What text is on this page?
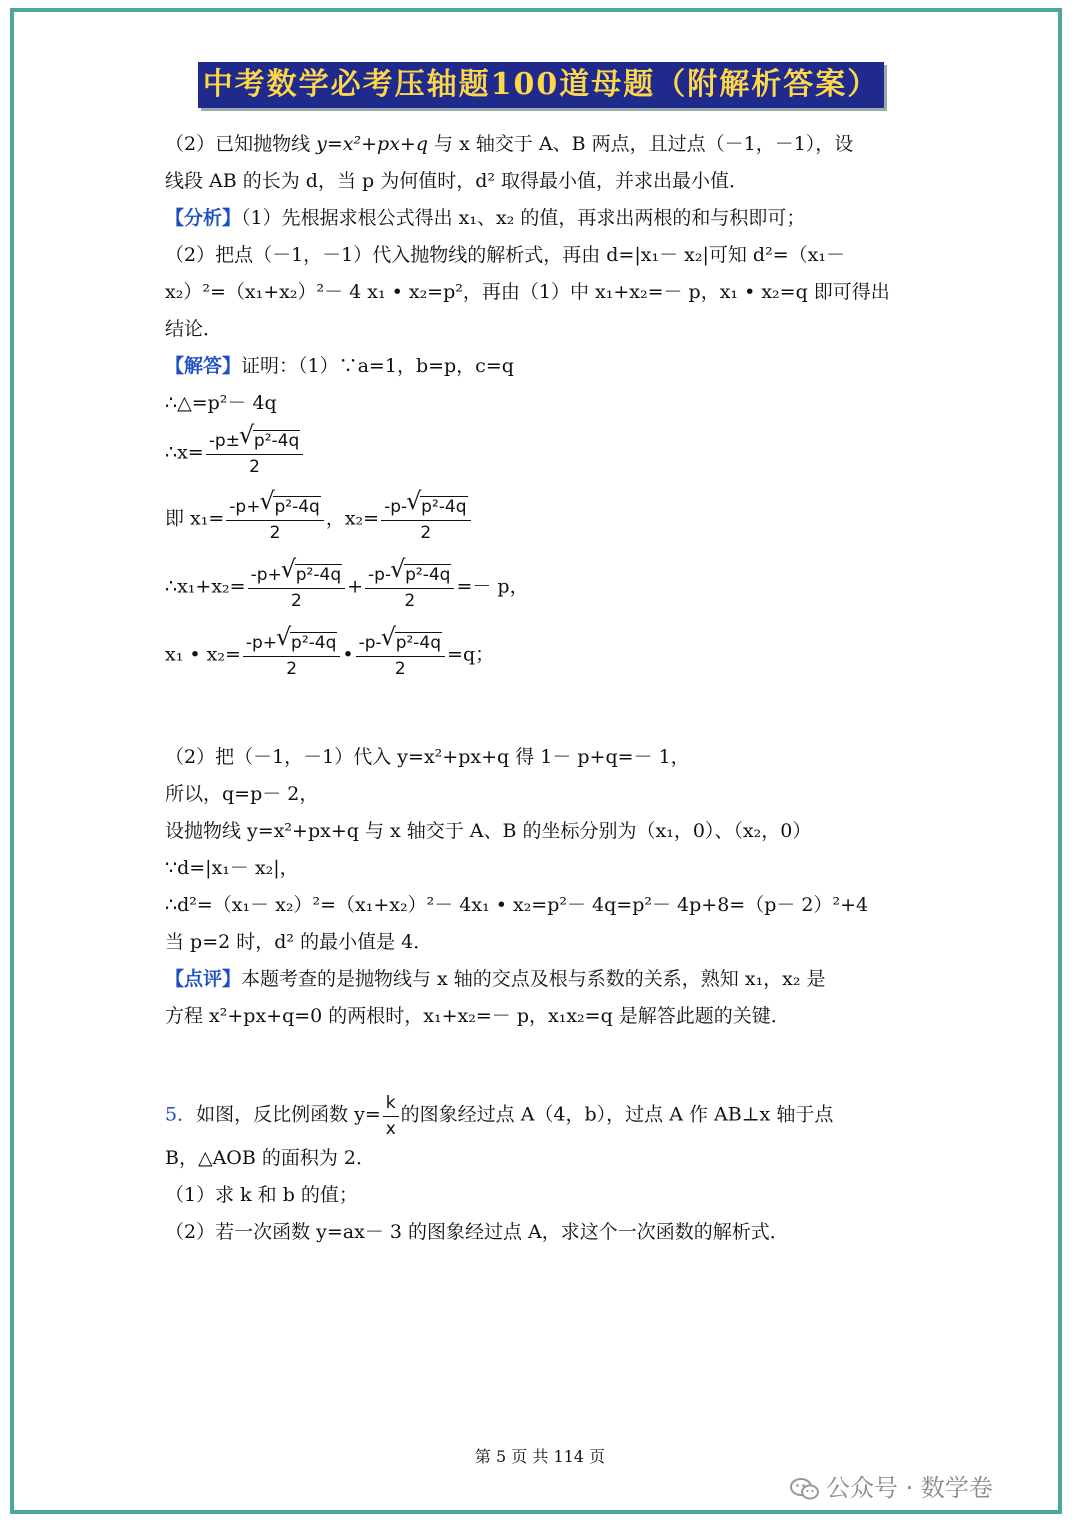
中考数学必考压轴题100道母题（附解析答案）
（2）已知抛物线 y=x²+px+q 与 x 轴交于 A、B 两点，且过点（－1，－1），设
线段 AB 的长为 d，当 p 为何值时，d² 取得最小值，并求出最小值．
【分析】（1）先根据求根公式得出 x₁、x₂ 的值，再求出两根的和与积即可；
（2）把点（－1，－1）代入抛物线的解析式，再由 d=|x₁－ x₂|可知 d²=（x₁－
x₂）²=（x₁+x₂）²－ 4 x₁ • x₂=p²，再由（1）中 x₁+x₂=－ p，x₁ • x₂=q 即可得出
结论．
【解答】证明：（1）∵a=1，b=p，c=q
∴△=p²－ 4q
∴x= $\frac{\text{-p± √ p²-4q}}{2}$
即 $x_1= \frac{\text{-p+ √ p²-4q}}{2}$ ，$x_2= \frac{\text{-p- √ p²-4q}}{2}$
∴x₁+x₂= $\frac{\text{-p+ √ p²-4q}}{2} + \frac{\text{-p- √ p²-4q}}{2} =- p$，
x₁ • $x_2= \frac{\text{-p+ √ p²-4q}}{2}$ • $\frac{\text{-p- √ p²-4q}}{2} =q$；
（2）把（－1，－1）代入 y=x²+px+q 得 1－ p+q=－ 1，
所以，q=p－ 2，
设抛物线 y=x²+px+q 与 x 轴交于 A、B 的坐标分别为（x₁，0）、（x₂，0）
∵d=|x₁－ x₂|，
∴d²=（x₁－ x₂）²=（x₁+x₂）²－ 4x₁ • x₂=p²－ 4q=p²－ 4p+8=（p－ 2）²+4
当 p=2 时，d² 的最小值是 4．
【点评】本题考查的是抛物线与 x 轴的交点及根与系数的关系，熟知 x₁，x₂ 是
方程 x²+px+q=0 的两根时，x₁+x₂=－ p，x₁x₂=q 是解答此题的关键．
5．如图，反比例函数 $y= \frac{k}{x}$ 的图象经过点 A（4，b），过点 A 作 AB⊥x 轴于点
B，△AOB 的面积为 2．
（1）求 k 和 b 的值；
（2）若一次函数 y=ax－ 3 的图象经过点 A，求这个一次函数的解析式．
第 5 页 共 114 页
公众号 · 数学卷
